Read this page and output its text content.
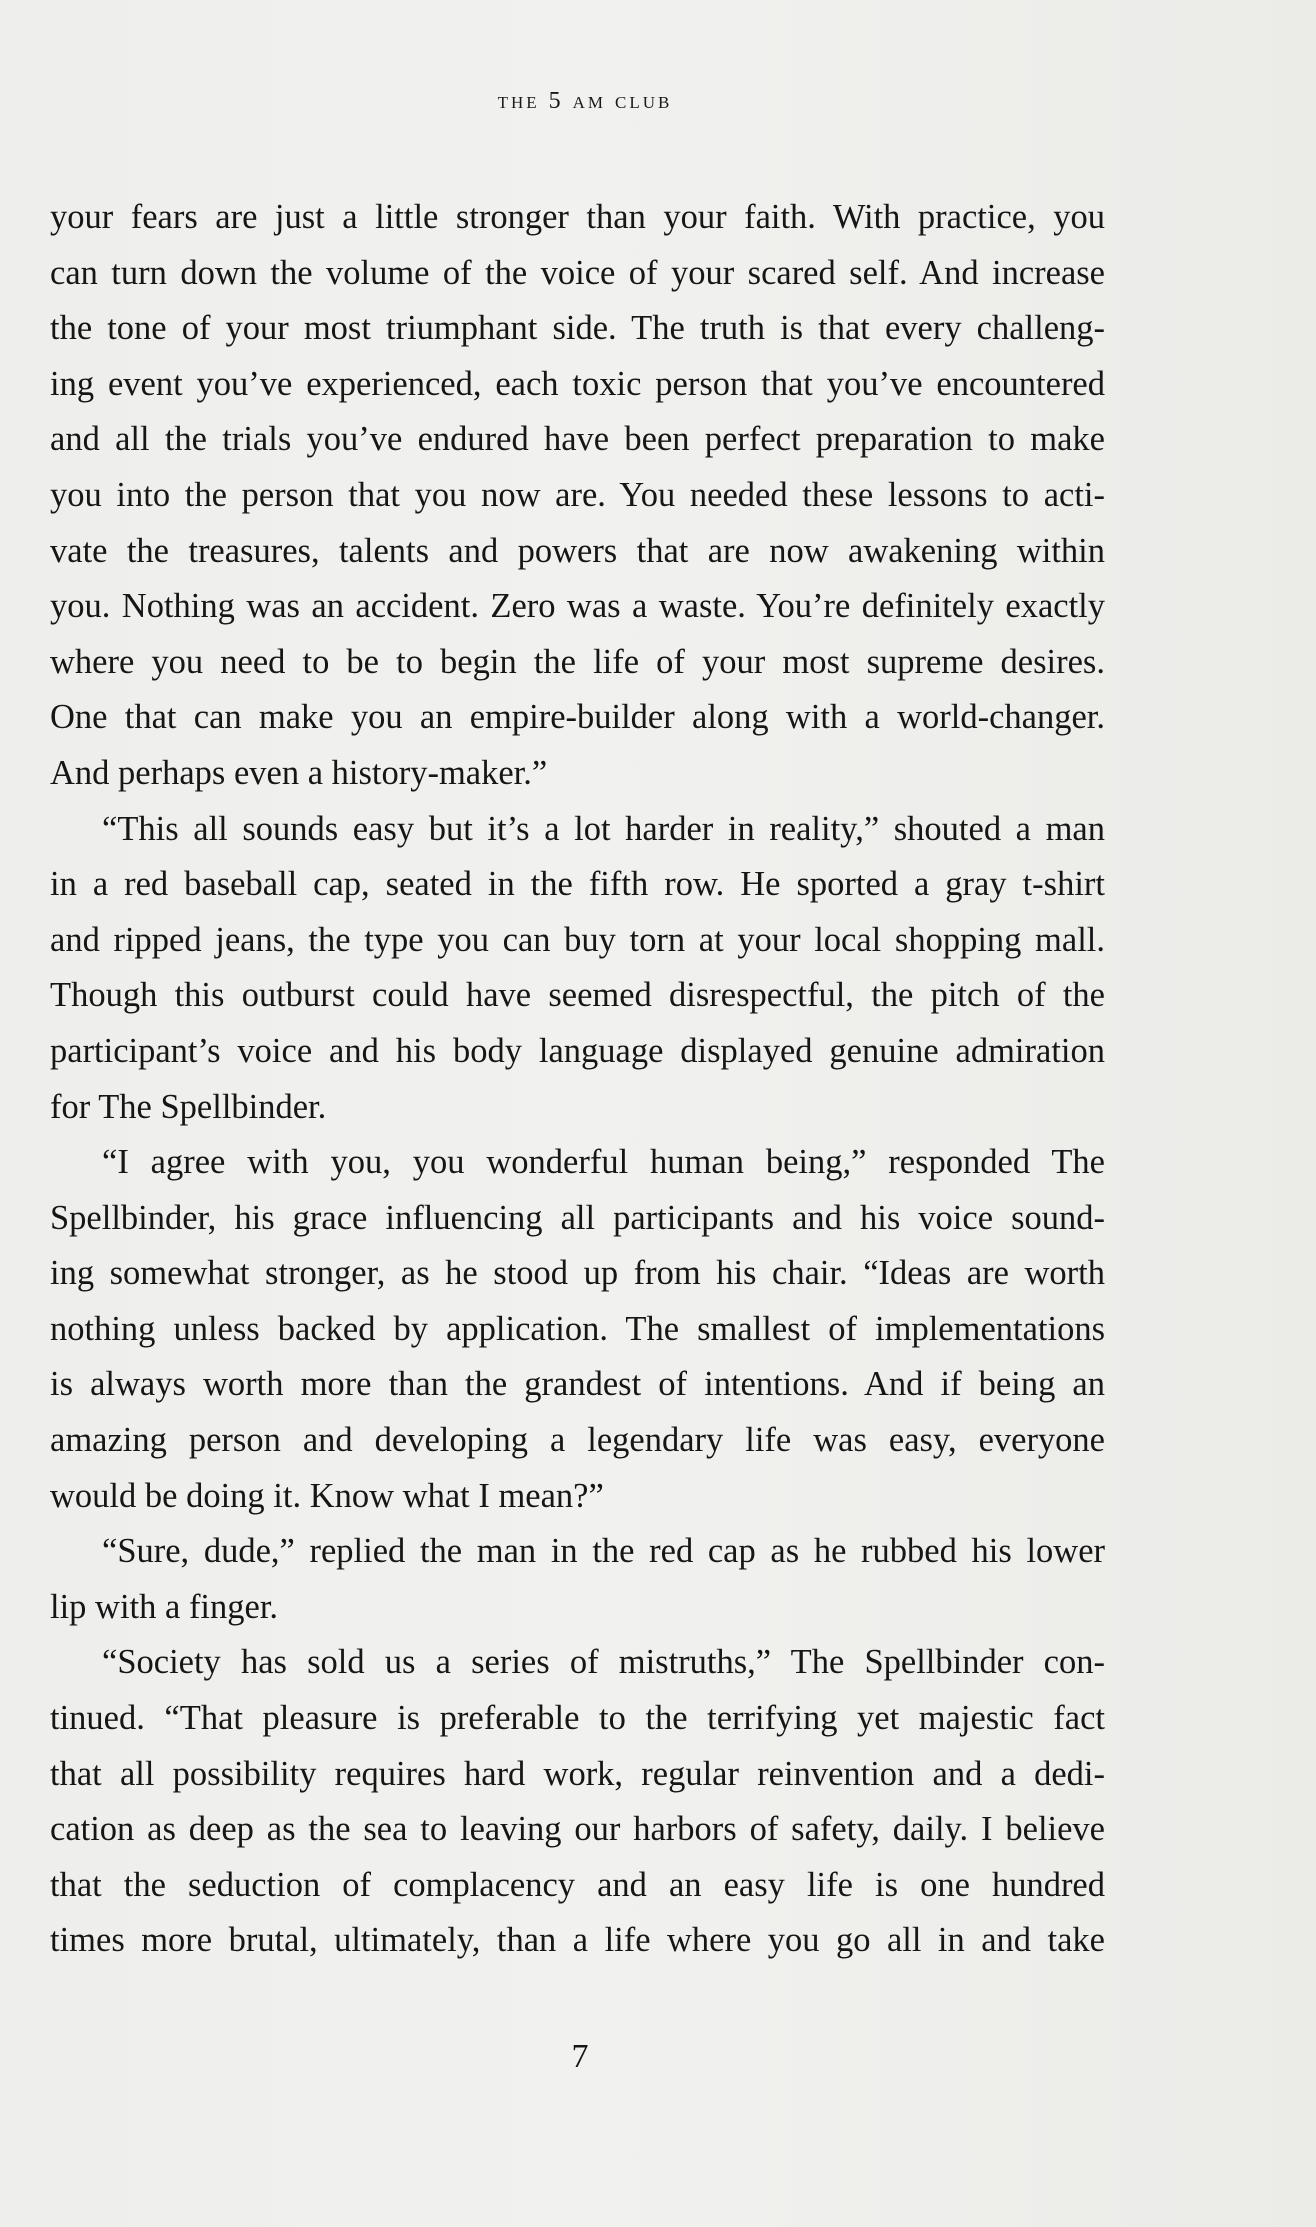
the 5 am club
your fears are just a little stronger than your faith. With practice, you
can turn down the volume of the voice of your scared self. And increase
the tone of your most triumphant side. The truth is that every challeng-
ing event you’ve experienced, each toxic person that you’ve encountered
and all the trials you’ve endured have been perfect preparation to make
you into the person that you now are. You needed these lessons to acti-
vate the treasures, talents and powers that are now awakening within
you. Nothing was an accident. Zero was a waste. You’re definitely exactly
where you need to be to begin the life of your most supreme desires.
One that can make you an empire-builder along with a world-changer.
And perhaps even a history-maker.”
“This all sounds easy but it’s a lot harder in reality,” shouted a man
in a red baseball cap, seated in the fifth row. He sported a gray t-shirt
and ripped jeans, the type you can buy torn at your local shopping mall.
Though this outburst could have seemed disrespectful, the pitch of the
participant’s voice and his body language displayed genuine admiration
for The Spellbinder.
“I agree with you, you wonderful human being,” responded The
Spellbinder, his grace influencing all participants and his voice sound-
ing somewhat stronger, as he stood up from his chair. “Ideas are worth
nothing unless backed by application. The smallest of implementations
is always worth more than the grandest of intentions. And if being an
amazing person and developing a legendary life was easy, everyone
would be doing it. Know what I mean?”
“Sure, dude,” replied the man in the red cap as he rubbed his lower
lip with a finger.
“Society has sold us a series of mistruths,” The Spellbinder con-
tinued. “That pleasure is preferable to the terrifying yet majestic fact
that all possibility requires hard work, regular reinvention and a dedi-
cation as deep as the sea to leaving our harbors of safety, daily. I believe
that the seduction of complacency and an easy life is one hundred
times more brutal, ultimately, than a life where you go all in and take
7
